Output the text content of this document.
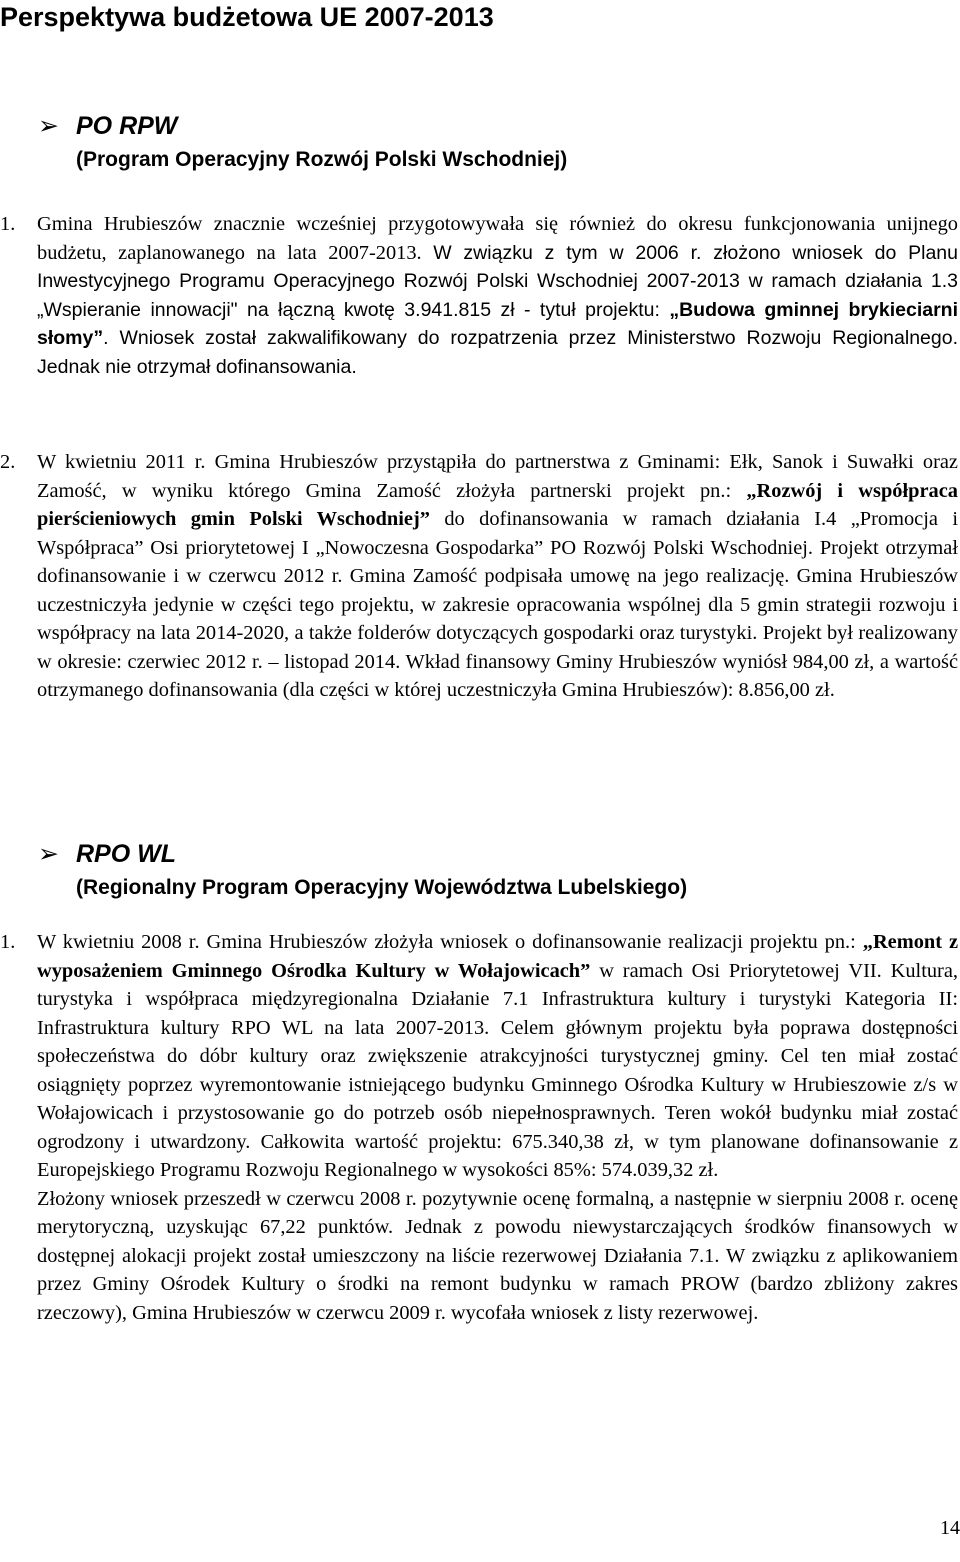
Perspektywa budżetowa UE 2007-2013
➢ PO RPW
(Program Operacyjny Rozwój Polski Wschodniej)
1. Gmina Hrubieszów znacznie wcześniej przygotowywała się również do okresu funkcjonowania unijnego budżetu, zaplanowanego na lata 2007-2013. W związku z tym w 2006 r. złożono wniosek do Planu Inwestycyjnego Programu Operacyjnego Rozwój Polski Wschodniej 2007-2013 w ramach działania 1.3 „Wspieranie innowacji" na łączną kwotę 3.941.815 zł - tytuł projektu: „Budowa gminnej brykieciarni słomy”. Wniosek został zakwalifikowany do rozpatrzenia przez Ministerstwo Rozwoju Regionalnego. Jednak nie otrzymał dofinansowania.
2. W kwietniu 2011 r. Gmina Hrubieszów przystąpiła do partnerstwa z Gminami: Ełk, Sanok i Suwałki oraz Zamość, w wyniku którego Gmina Zamość złożyła partnerski projekt pn.: „Rozwój i współpraca pierścieniowych gmin Polski Wschodniej” do dofinansowania w ramach działania I.4 „Promocja i Współpraca” Osi priorytetowej I „Nowoczesna Gospodarka” PO Rozwój Polski Wschodniej. Projekt otrzymał dofinansowanie i w czerwcu 2012 r. Gmina Zamość podpisała umowę na jego realizację. Gmina Hrubieszów uczestniczyła jedynie w części tego projektu, w zakresie opracowania wspólnej dla 5 gmin strategii rozwoju i współpracy na lata 2014-2020, a także folderów dotyczących gospodarki oraz turystyki. Projekt był realizowany w okresie: czerwiec 2012 r. – listopad 2014. Wkład finansowy Gminy Hrubieszów wyniósł 984,00 zł, a wartość otrzymanego dofinansowania (dla części w której uczestniczyła Gmina Hrubieszów): 8.856,00 zł.
➢ RPO WL
(Regionalny Program Operacyjny Województwa Lubelskiego)
1. W kwietniu 2008 r. Gmina Hrubieszów złożyła wniosek o dofinansowanie realizacji projektu pn.: „Remont z wyposażeniem Gminnego Ośrodka Kultury w Wołajowicach” w ramach Osi Priorytetowej VII. Kultura, turystyka i współpraca międzyregionalna Działanie 7.1 Infrastruktura kultury i turystyki Kategoria II: Infrastruktura kultury RPO WL na lata 2007-2013. Celem głównym projektu była poprawa dostępności społeczeństwa do dóbr kultury oraz zwiększenie atrakcyjności turystycznej gminy. Cel ten miał zostać osiągnięty poprzez wyremontowanie istniejącego budynku Gminnego Ośrodka Kultury w Hrubieszowie z/s w Wołajowicach i przystosowanie go do potrzeb osób niepełnosprawnych. Teren wokół budynku miał zostać ogrodzony i utwardzony. Całkowita wartość projektu: 675.340,38 zł, w tym planowane dofinansowanie z Europejskiego Programu Rozwoju Regionalnego w wysokości 85%: 574.039,32 zł.

Złożony wniosek przeszedł w czerwcu 2008 r. pozytywnie ocenę formalną, a następnie w sierpniu 2008 r. ocenę merytoryczną, uzyskując 67,22 punktów. Jednak z powodu niewystarczających środków finansowych w dostępnej alokacji projekt został umieszczony na liście rezerwowej Działania 7.1. W związku z aplikowaniem przez Gminy Ośrodek Kultury o środki na remont budynku w ramach PROW (bardzo zbliżony zakres rzeczowy), Gmina Hrubieszów w czerwcu 2009 r. wycofała wniosek z listy rezerwowej.

14
